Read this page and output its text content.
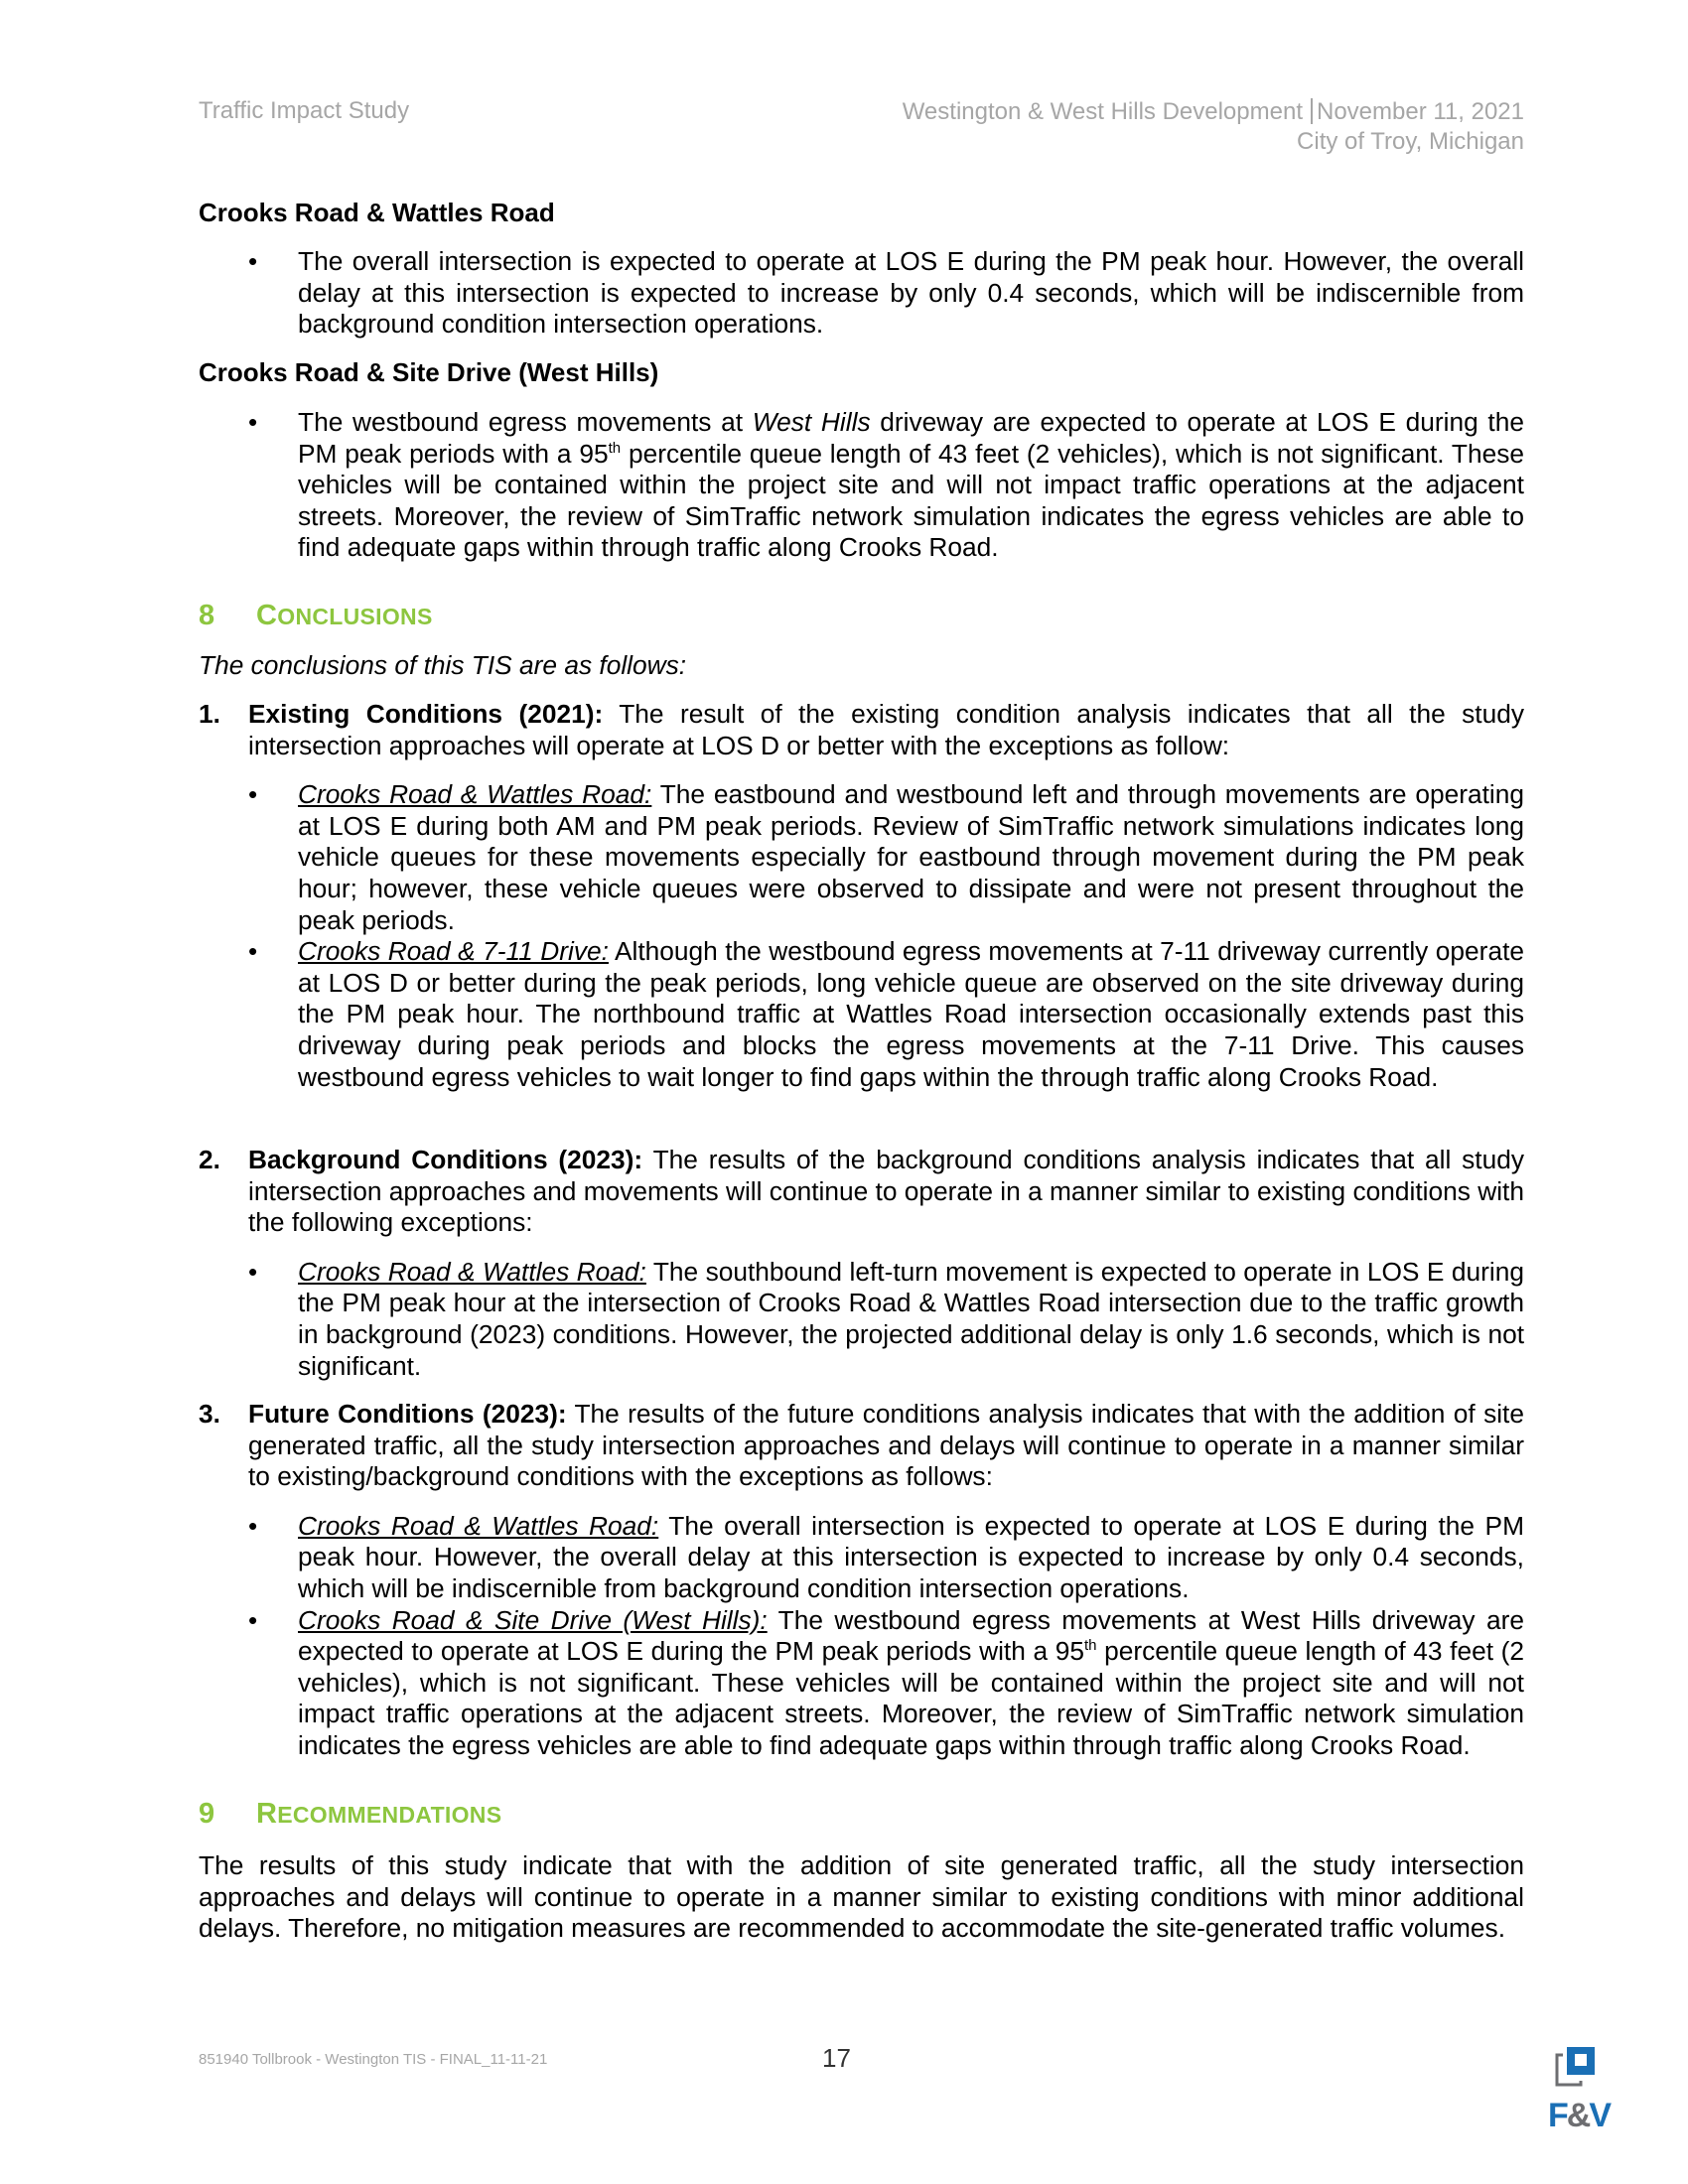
Traffic Impact Study	Westington & West Hills Development November 11, 2021
City of Troy, Michigan
Crooks Road & Wattles Road
• The overall intersection is expected to operate at LOS E during the PM peak hour. However, the overall delay at this intersection is expected to increase by only 0.4 seconds, which will be indiscernible from background condition intersection operations.
Crooks Road & Site Drive (West Hills)
• The westbound egress movements at West Hills driveway are expected to operate at LOS E during the PM peak periods with a 95th percentile queue length of 43 feet (2 vehicles), which is not significant. These vehicles will be contained within the project site and will not impact traffic operations at the adjacent streets. Moreover, the review of SimTraffic network simulation indicates the egress vehicles are able to find adequate gaps within through traffic along Crooks Road.
8 CONCLUSIONS
The conclusions of this TIS are as follows:
1. Existing Conditions (2021): The result of the existing condition analysis indicates that all the study intersection approaches will operate at LOS D or better with the exceptions as follow:
• Crooks Road & Wattles Road: The eastbound and westbound left and through movements are operating at LOS E during both AM and PM peak periods. Review of SimTraffic network simulations indicates long vehicle queues for these movements especially for eastbound through movement during the PM peak hour; however, these vehicle queues were observed to dissipate and were not present throughout the peak periods.
• Crooks Road & 7-11 Drive: Although the westbound egress movements at 7-11 driveway currently operate at LOS D or better during the peak periods, long vehicle queue are observed on the site driveway during the PM peak hour. The northbound traffic at Wattles Road intersection occasionally extends past this driveway during peak periods and blocks the egress movements at the 7-11 Drive. This causes westbound egress vehicles to wait longer to find gaps within the through traffic along Crooks Road.
2. Background Conditions (2023): The results of the background conditions analysis indicates that all study intersection approaches and movements will continue to operate in a manner similar to existing conditions with the following exceptions:
• Crooks Road & Wattles Road: The southbound left-turn movement is expected to operate in LOS E during the PM peak hour at the intersection of Crooks Road & Wattles Road intersection due to the traffic growth in background (2023) conditions. However, the projected additional delay is only 1.6 seconds, which is not significant.
3. Future Conditions (2023): The results of the future conditions analysis indicates that with the addition of site generated traffic, all the study intersection approaches and delays will continue to operate in a manner similar to existing/background conditions with the exceptions as follows:
• Crooks Road & Wattles Road: The overall intersection is expected to operate at LOS E during the PM peak hour. However, the overall delay at this intersection is expected to increase by only 0.4 seconds, which will be indiscernible from background condition intersection operations.
• Crooks Road & Site Drive (West Hills): The westbound egress movements at West Hills driveway are expected to operate at LOS E during the PM peak periods with a 95th percentile queue length of 43 feet (2 vehicles), which is not significant. These vehicles will be contained within the project site and will not impact traffic operations at the adjacent streets. Moreover, the review of SimTraffic network simulation indicates the egress vehicles are able to find adequate gaps within through traffic along Crooks Road.
9 RECOMMENDATIONS
The results of this study indicate that with the addition of site generated traffic, all the study intersection approaches and delays will continue to operate in a manner similar to existing conditions with minor additional delays. Therefore, no mitigation measures are recommended to accommodate the site-generated traffic volumes.
851940 Tollbrook - Westington TIS - FINAL_11-11-21	17
F&V
